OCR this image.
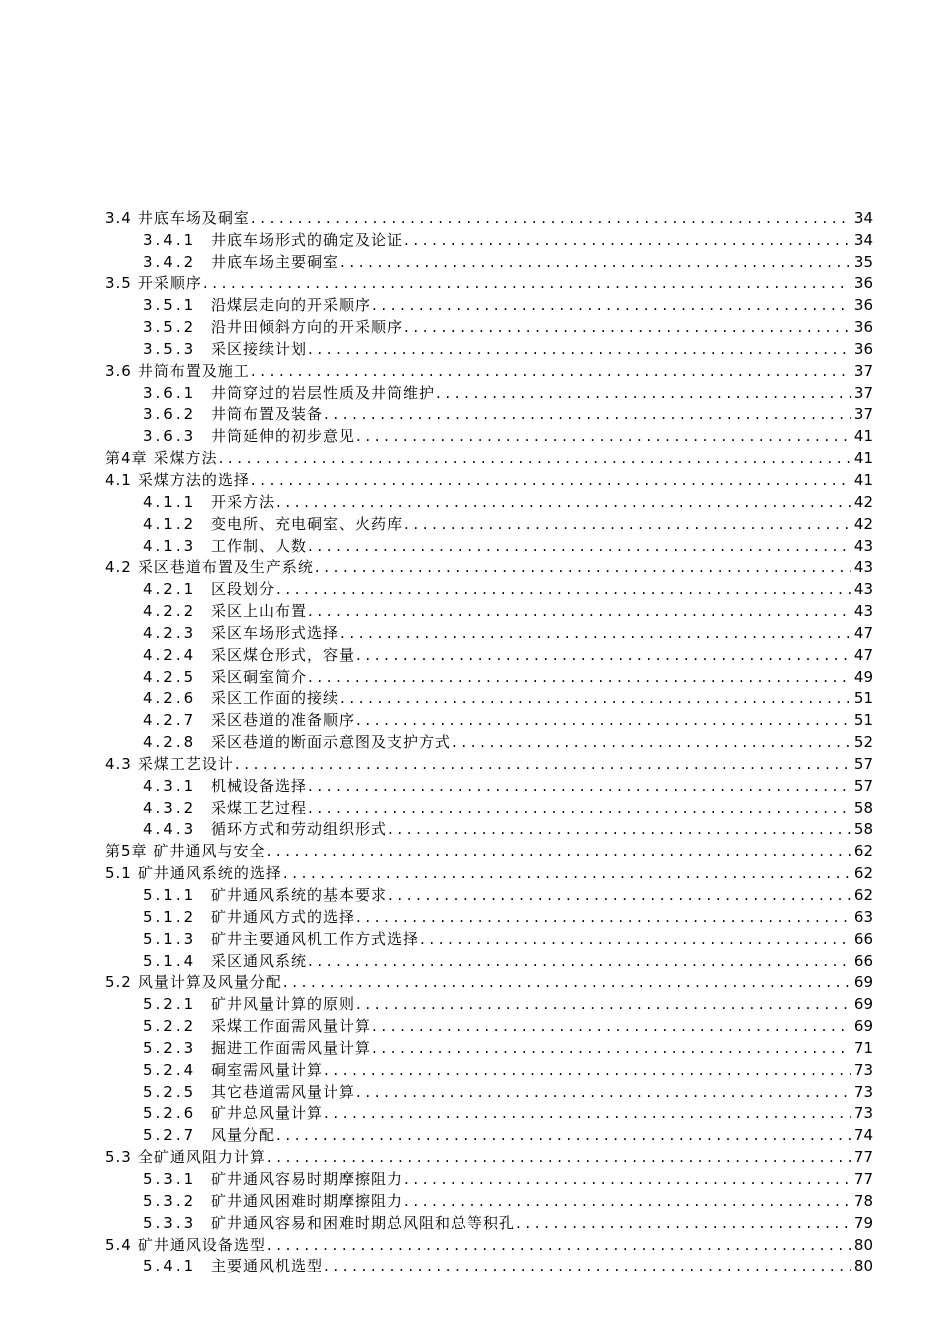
3.4 井底车场及硐室 .....	34
3.4.1 井底车场形式的确定及论证 .....	34
3.4.2 井底车场主要硐室 .....	35
3.5 开采顺序 .....	36
3.5.1 沿煤层走向的开采顺序 .....	36
3.5.2 沿井田倾斜方向的开采顺序 .....	36
3.5.3 采区接续计划 .....	36
3.6 井筒布置及施工 .....	37
3.6.1 井筒穿过的岩层性质及井筒维护 .....	37
3.6.2 井筒布置及装备 .....	37
3.6.3 井筒延伸的初步意见 .....	41
第4章 采煤方法 .....	41
4.1 采煤方法的选择 .....	41
4.1.1 开采方法 .....	42
4.1.2 变电所、充电硐室、火药库 .....	42
4.1.3 工作制、人数 .....	43
4.2 采区巷道布置及生产系统 .....	43
4.2.1 区段划分 .....	43
4.2.2 采区上山布置 .....	43
4.2.3 采区车场形式选择 .....	47
4.2.4 采区煤仓形式，容量 .....	47
4.2.5 采区硐室简介 .....	49
4.2.6 采区工作面的接续 .....	51
4.2.7 采区巷道的准备顺序 .....	51
4.2.8 采区巷道的断面示意图及支护方式 .....	52
4.3 采煤工艺设计 .....	57
4.3.1 机械设备选择 .....	57
4.3.2 采煤工艺过程 .....	58
4.4.3 循环方式和劳动组织形式 .....	58
第5章 矿井通风与安全 .....	62
5.1 矿井通风系统的选择 .....	62
5.1.1 矿井通风系统的基本要求 .....	62
5.1.2 矿井通风方式的选择 .....	63
5.1.3 矿井主要通风机工作方式选择 .....	66
5.1.4 采区通风系统 .....	66
5.2 风量计算及风量分配 .....	69
5.2.1 矿井风量计算的原则 .....	69
5.2.2 采煤工作面需风量计算 .....	69
5.2.3 掘进工作面需风量计算 .....	71
5.2.4 硐室需风量计算 .....	73
5.2.5 其它巷道需风量计算 .....	73
5.2.6 矿井总风量计算 .....	73
5.2.7 风量分配 .....	74
5.3 全矿通风阻力计算 .....	77
5.3.1 矿井通风容易时期摩擦阻力 .....	77
5.3.2 矿井通风困难时期摩擦阻力 .....	78
5.3.3 矿井通风容易和困难时期总风阻和总等积孔 .....	79
5.4 矿井通风设备选型 .....	80
5.4.1 主要通风机选型 .....	80
